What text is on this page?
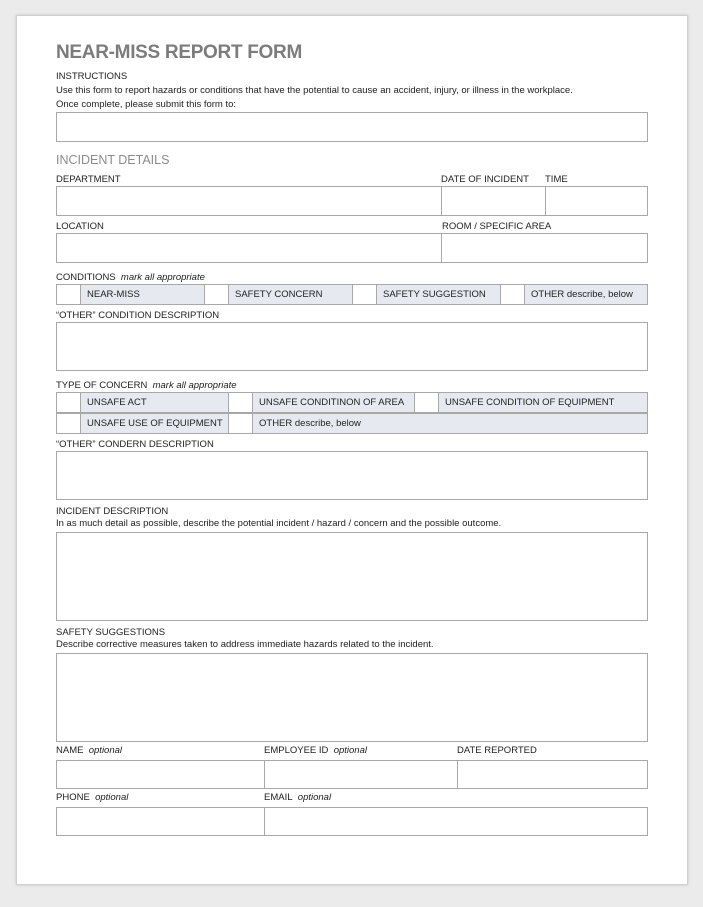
NEAR-MISS REPORT FORM
INSTRUCTIONS
Use this form to report hazards or conditions that have the potential to cause an accident, injury, or illness in the workplace.
Once complete, please submit this form to:
INCIDENT DETAILS
DEPARTMENT	DATE OF INCIDENT TIME
LOCATION	ROOM / SPECIFIC AREA
CONDITIONS mark all appropriate
NEAR-MISS	SAFETY CONCERN	SAFETY SUGGESTION	OTHER describe, below
“OTHER” CONDITION DESCRIPTION
TYPE OF CONCERN mark all appropriate
UNSAFE ACT	UNSAFE CONDITINON OF AREA	UNSAFE CONDITION OF EQUIPMENT
UNSAFE USE OF EQUIPMENT	OTHER describe, below
“OTHER” CONDERN DESCRIPTION
INCIDENT DESCRIPTION
In as much detail as possible, describe the potential incident / hazard / concern and the possible outcome.
SAFETY SUGGESTIONS
Describe corrective measures taken to address immediate hazards related to the incident.
NAME optional	EMPLOYEE ID optional	DATE REPORTED
PHONE optional	EMAIL optional
